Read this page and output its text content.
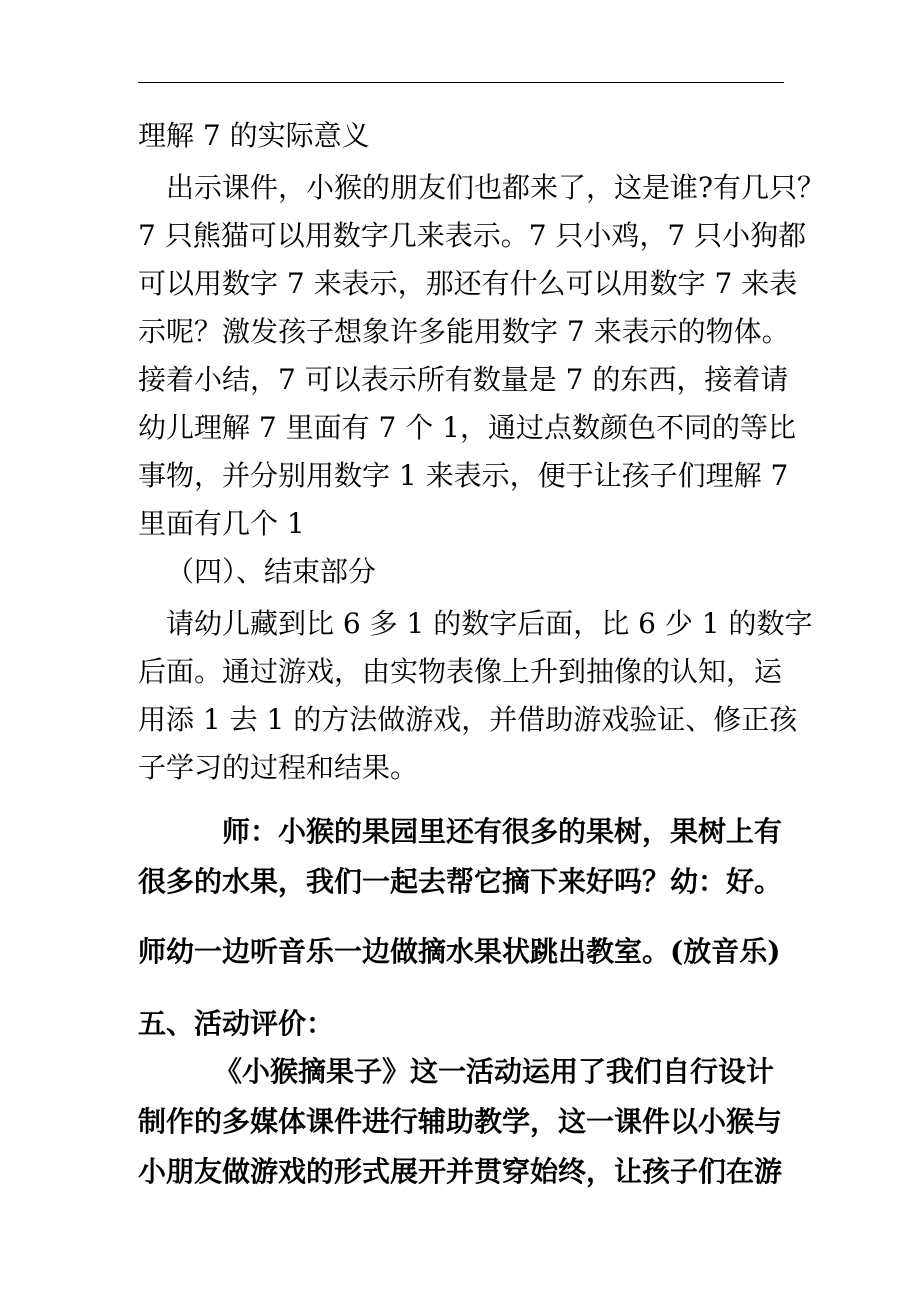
理解 7 的实际意义
出示课件，小猴的朋友们也都来了，这是谁?有几只？
7 只熊猫可以用数字几来表示。7 只小鸡，7 只小狗都
可以用数字 7 来表示，那还有什么可以用数字 7 来表
示呢？激发孩子想象许多能用数字 7 来表示的物体。
接着小结，7 可以表示所有数量是 7 的东西，接着请
幼儿理解 7 里面有 7 个 1，通过点数颜色不同的等比
事物，并分别用数字 1 来表示，便于让孩子们理解 7
里面有几个 1
（四）、结束部分
请幼儿藏到比 6 多 1 的数字后面，比 6 少 1 的数字
后面。通过游戏，由实物表像上升到抽像的认知，运
用添 1 去 1 的方法做游戏，并借助游戏验证、修正孩
子学习的过程和结果。
师：小猴的果园里还有很多的果树，果树上有
很多的水果，我们一起去帮它摘下来好吗？幼：好。
师幼一边听音乐一边做摘水果状跳出教室。(放音乐)
五、活动评价：
《小猴摘果子》这一活动运用了我们自行设计
制作的多媒体课件进行辅助教学，这一课件以小猴与
小朋友做游戏的形式展开并贯穿始终，让孩子们在游
